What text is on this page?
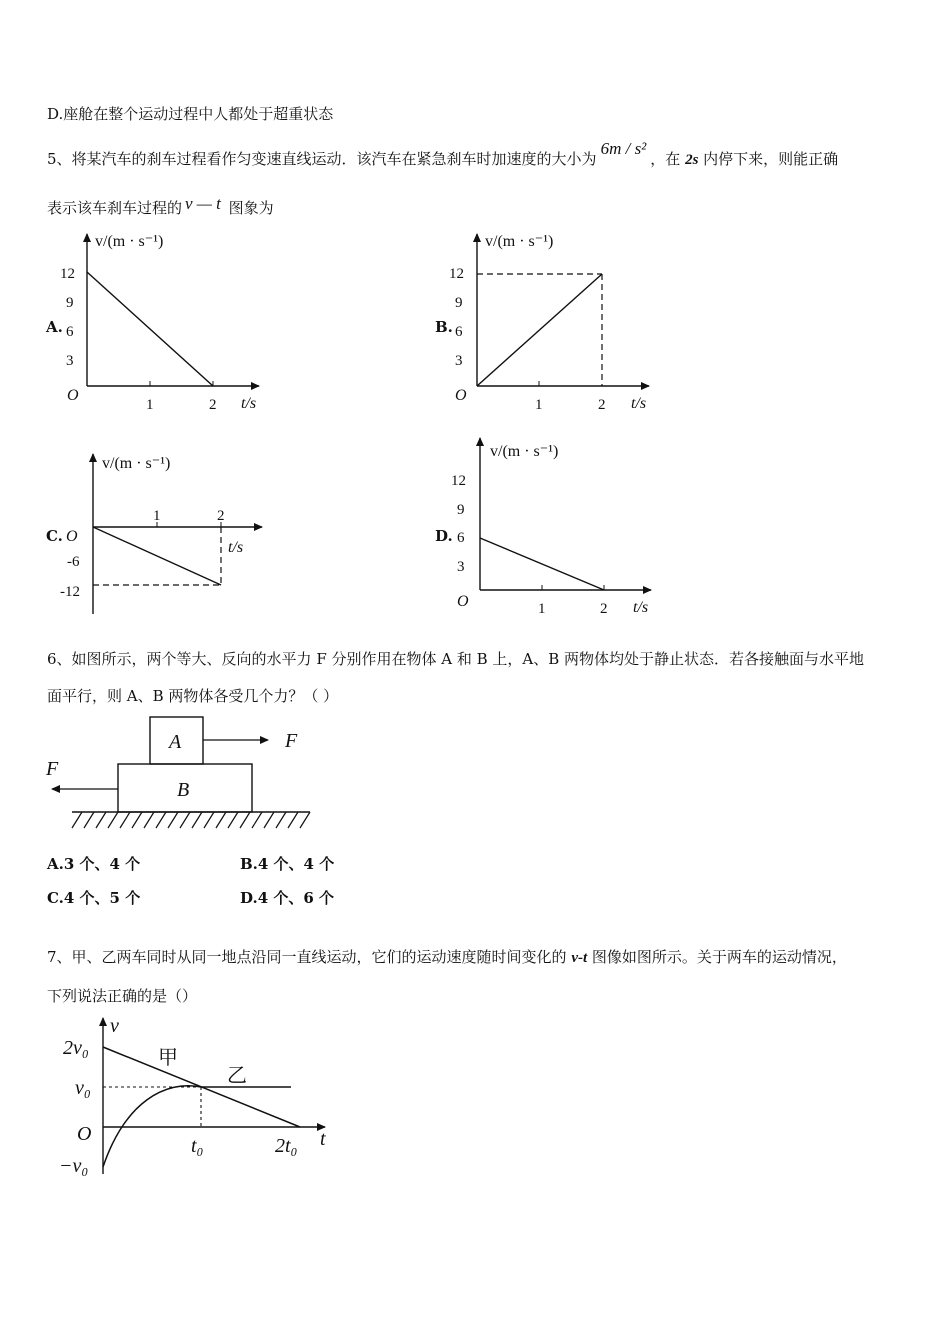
D.座舱在整个运动过程中人都处于超重状态
5、将某汽车的刹车过程看作匀变速直线运动．该汽车在紧急刹车时加速度的大小为6m / s²，在 2s 内停下来，则能正确
表示该车刹车过程的 v — t 图象为
A.
v/(m · s⁻¹)
t/s
O
12
9
6
3
1	2
B.
v/(m · s⁻¹)
t/s
O
12
9
6
3
1	2
C.
v/(m · s⁻¹)
t/s
O
1	2
-6
-12
D.
v/(m · s⁻¹)
t/s
O
12
9
6
3
1	2
6、如图所示，两个等大、反向的水平力 F 分别作用在物体 A 和 B 上，A、B 两物体均处于静止状态．若各接触面与水平地
面平行，则 A、B 两物体各受几个力？（ ）
A
B
F
F
A.3 个、4 个	B.4 个、4 个
C.4 个、5 个	D.4 个、6 个
7、甲、乙两车同时从同一地点沿同一直线运动，它们的运动速度随时间变化的 v-t 图像如图所示。关于两车的运动情况，
下列说法正确的是（）
v
t
O
2v₀
v₀
−v₀
t₀	2t₀
甲
乙
